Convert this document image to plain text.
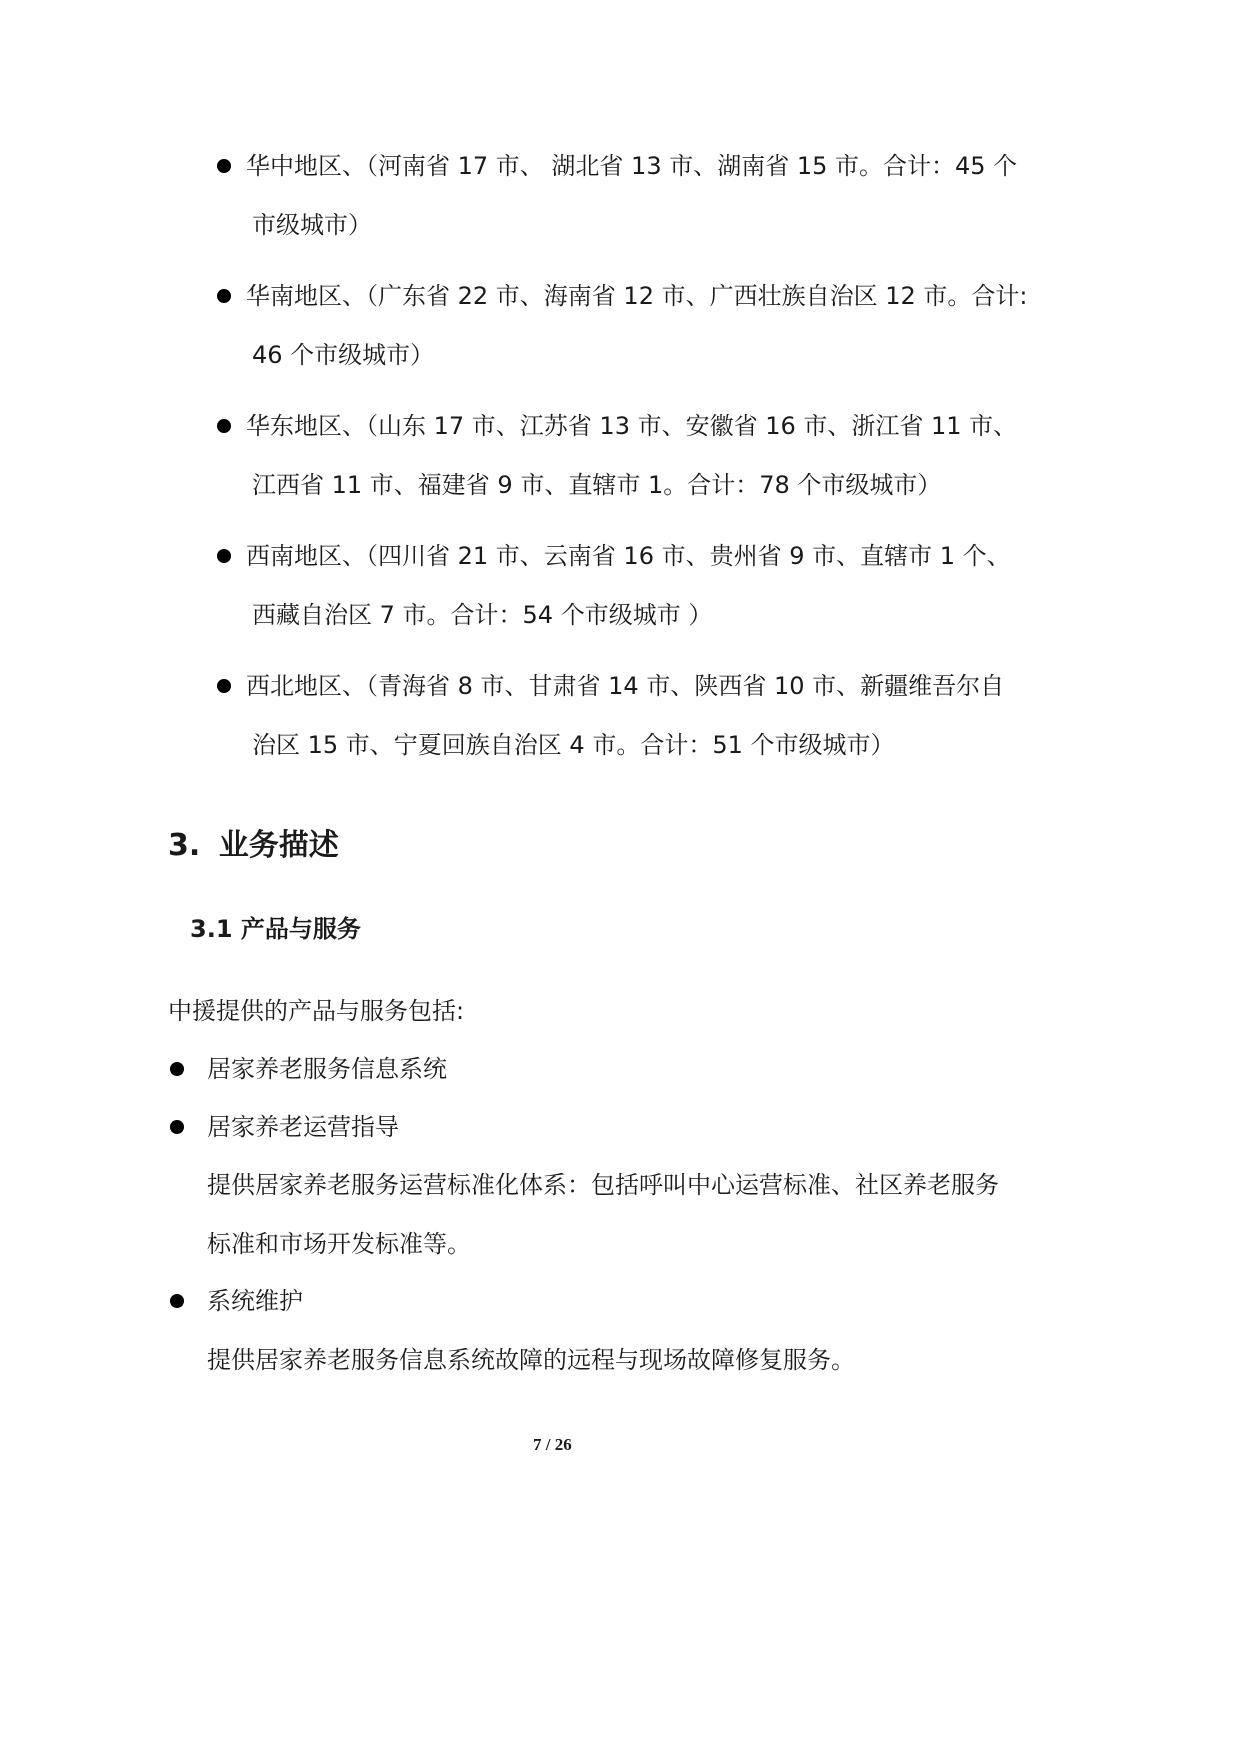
华中地区、（河南省 17 市、 湖北省 13 市、湖南省 15 市。合计：45 个
市级城市）
华南地区、（广东省 22 市、海南省 12 市、广西壮族自治区 12 市。合计:
46 个市级城市）
华东地区、（山东 17 市、江苏省 13 市、安徽省 16 市、浙江省 11 市、
江西省 11 市、福建省 9 市、直辖市 1。合计：78 个市级城市）
西南地区、（四川省 21 市、云南省 16 市、贵州省 9 市、直辖市 1 个、
西藏自治区 7 市。合计：54 个市级城市 ）
西北地区、（青海省 8 市、甘肃省 14 市、陕西省 10 市、新疆维吾尔自
治区 15 市、宁夏回族自治区 4 市。合计：51 个市级城市）
3. 业务描述
3.1 产品与服务
中援提供的产品与服务包括:
居家养老服务信息系统
居家养老运营指导
提供居家养老服务运营标准化体系：包括呼叫中心运营标准、社区养老服务
标准和市场开发标准等。
系统维护
提供居家养老服务信息系统故障的远程与现场故障修复服务。
7 / 26
